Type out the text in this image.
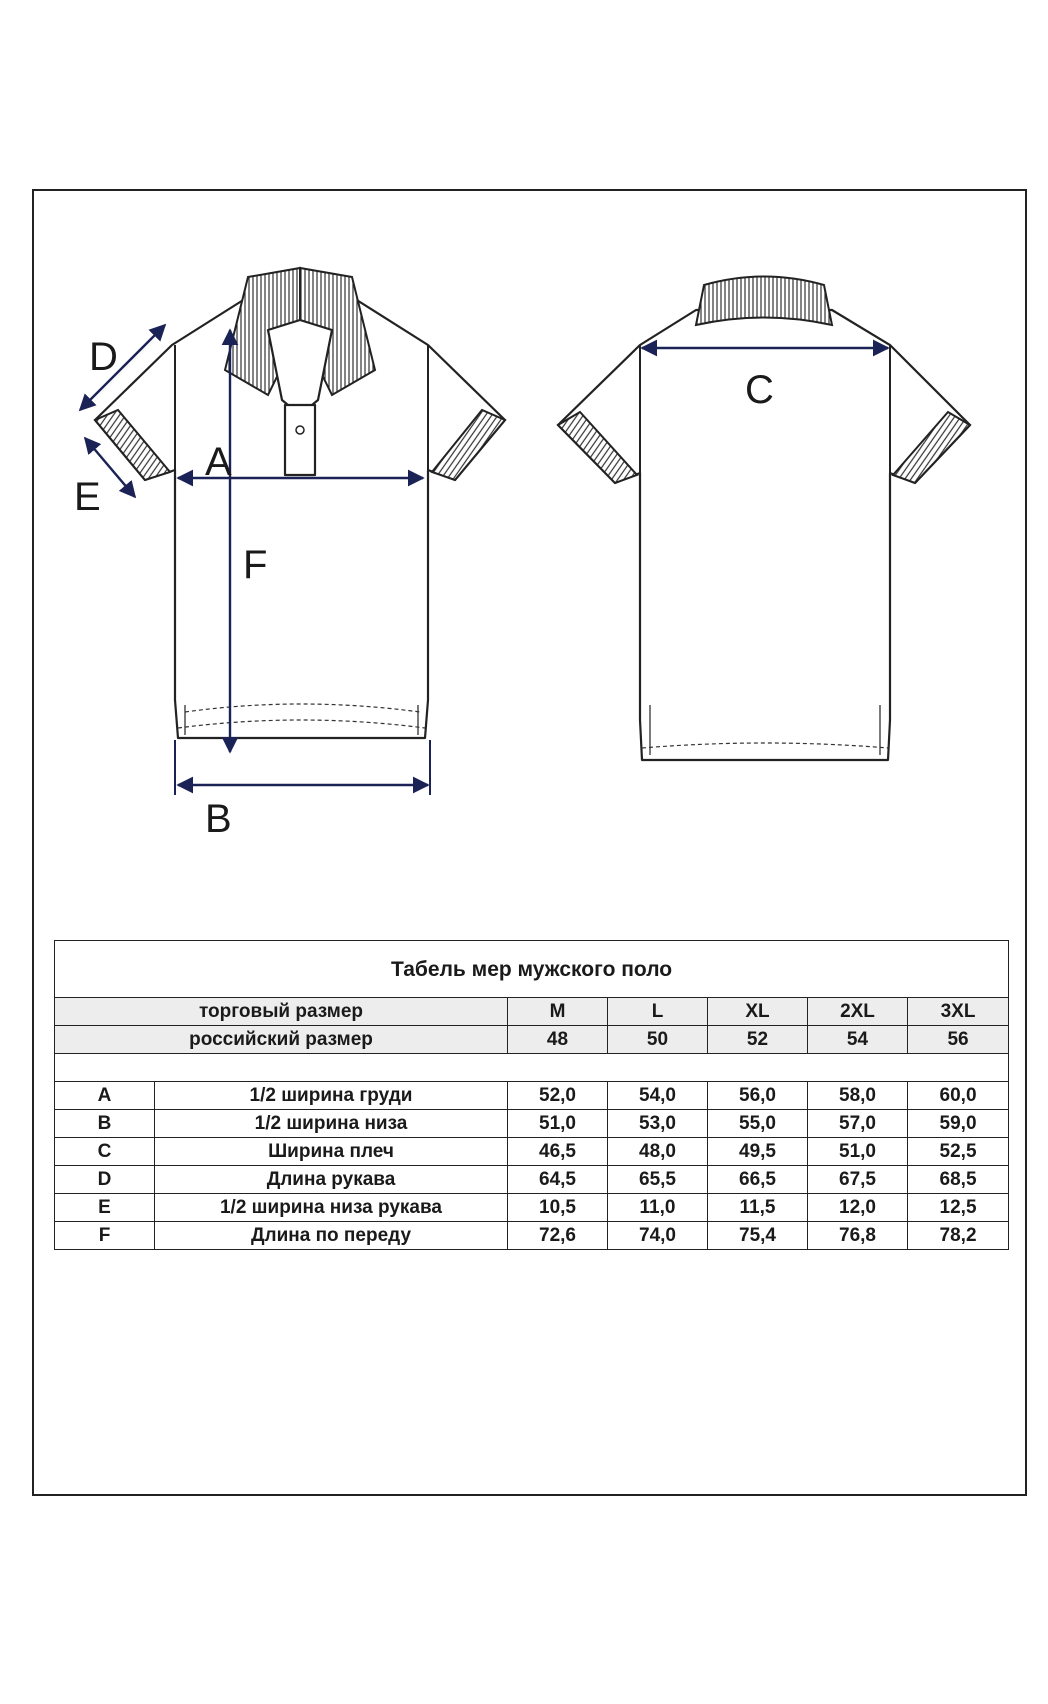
D
E
A
F
B
C
Табель мер мужского поло						
торговый размер		M	L	XL	2XL	3XL
российский размер		48	50	52	54	56

A	1/2 ширина груди	52,0	54,0	56,0	58,0	60,0
B	1/2 ширина низа	51,0	53,0	55,0	57,0	59,0
C	Ширина плеч	46,5	48,0	49,5	51,0	52,5
D	Длина рукава	64,5	65,5	66,5	67,5	68,5
E	1/2 ширина низа рукава	10,5	11,0	11,5	12,0	12,5
F	Длина по переду	72,6	74,0	75,4	76,8	78,2
